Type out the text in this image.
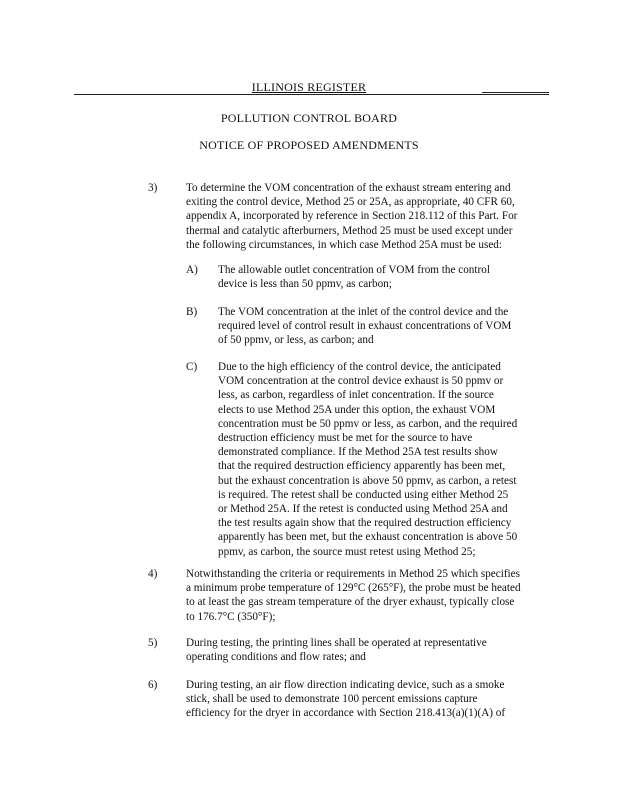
ILLINOIS REGISTER
POLLUTION CONTROL BOARD
NOTICE OF PROPOSED AMENDMENTS
3)	To determine the VOM concentration of the exhaust stream entering and
exiting the control device, Method 25 or 25A, as appropriate, 40 CFR 60,
appendix A, incorporated by reference in Section 218.112 of this Part. For
thermal and catalytic afterburners, Method 25 must be used except under
the following circumstances, in which case Method 25A must be used:
A) The allowable outlet concentration of VOM from the control
device is less than 50 ppmv, as carbon;
B) The VOM concentration at the inlet of the control device and the
required level of control result in exhaust concentrations of VOM
of 50 ppmv, or less, as carbon; and
C) Due to the high efficiency of the control device, the anticipated
VOM concentration at the control device exhaust is 50 ppmv or
less, as carbon, regardless of inlet concentration. If the source
elects to use Method 25A under this option, the exhaust VOM
concentration must be 50 ppmv or less, as carbon, and the required
destruction efficiency must be met for the source to have
demonstrated compliance. If the Method 25A test results show
that the required destruction efficiency apparently has been met,
but the exhaust concentration is above 50 ppmv, as carbon, a retest
is required. The retest shall be conducted using either Method 25
or Method 25A. If the retest is conducted using Method 25A and
the test results again show that the required destruction efficiency
apparently has been met, but the exhaust concentration is above 50
ppmv, as carbon, the source must retest using Method 25;
4)	Notwithstanding the criteria or requirements in Method 25 which specifies
a minimum probe temperature of 129°C (265°F), the probe must be heated
to at least the gas stream temperature of the dryer exhaust, typically close
to 176.7°C (350°F);
5)	During testing, the printing lines shall be operated at representative
operating conditions and flow rates; and
6)	During testing, an air flow direction indicating device, such as a smoke
stick, shall be used to demonstrate 100 percent emissions capture
efficiency for the dryer in accordance with Section 218.413(a)(1)(A) of
